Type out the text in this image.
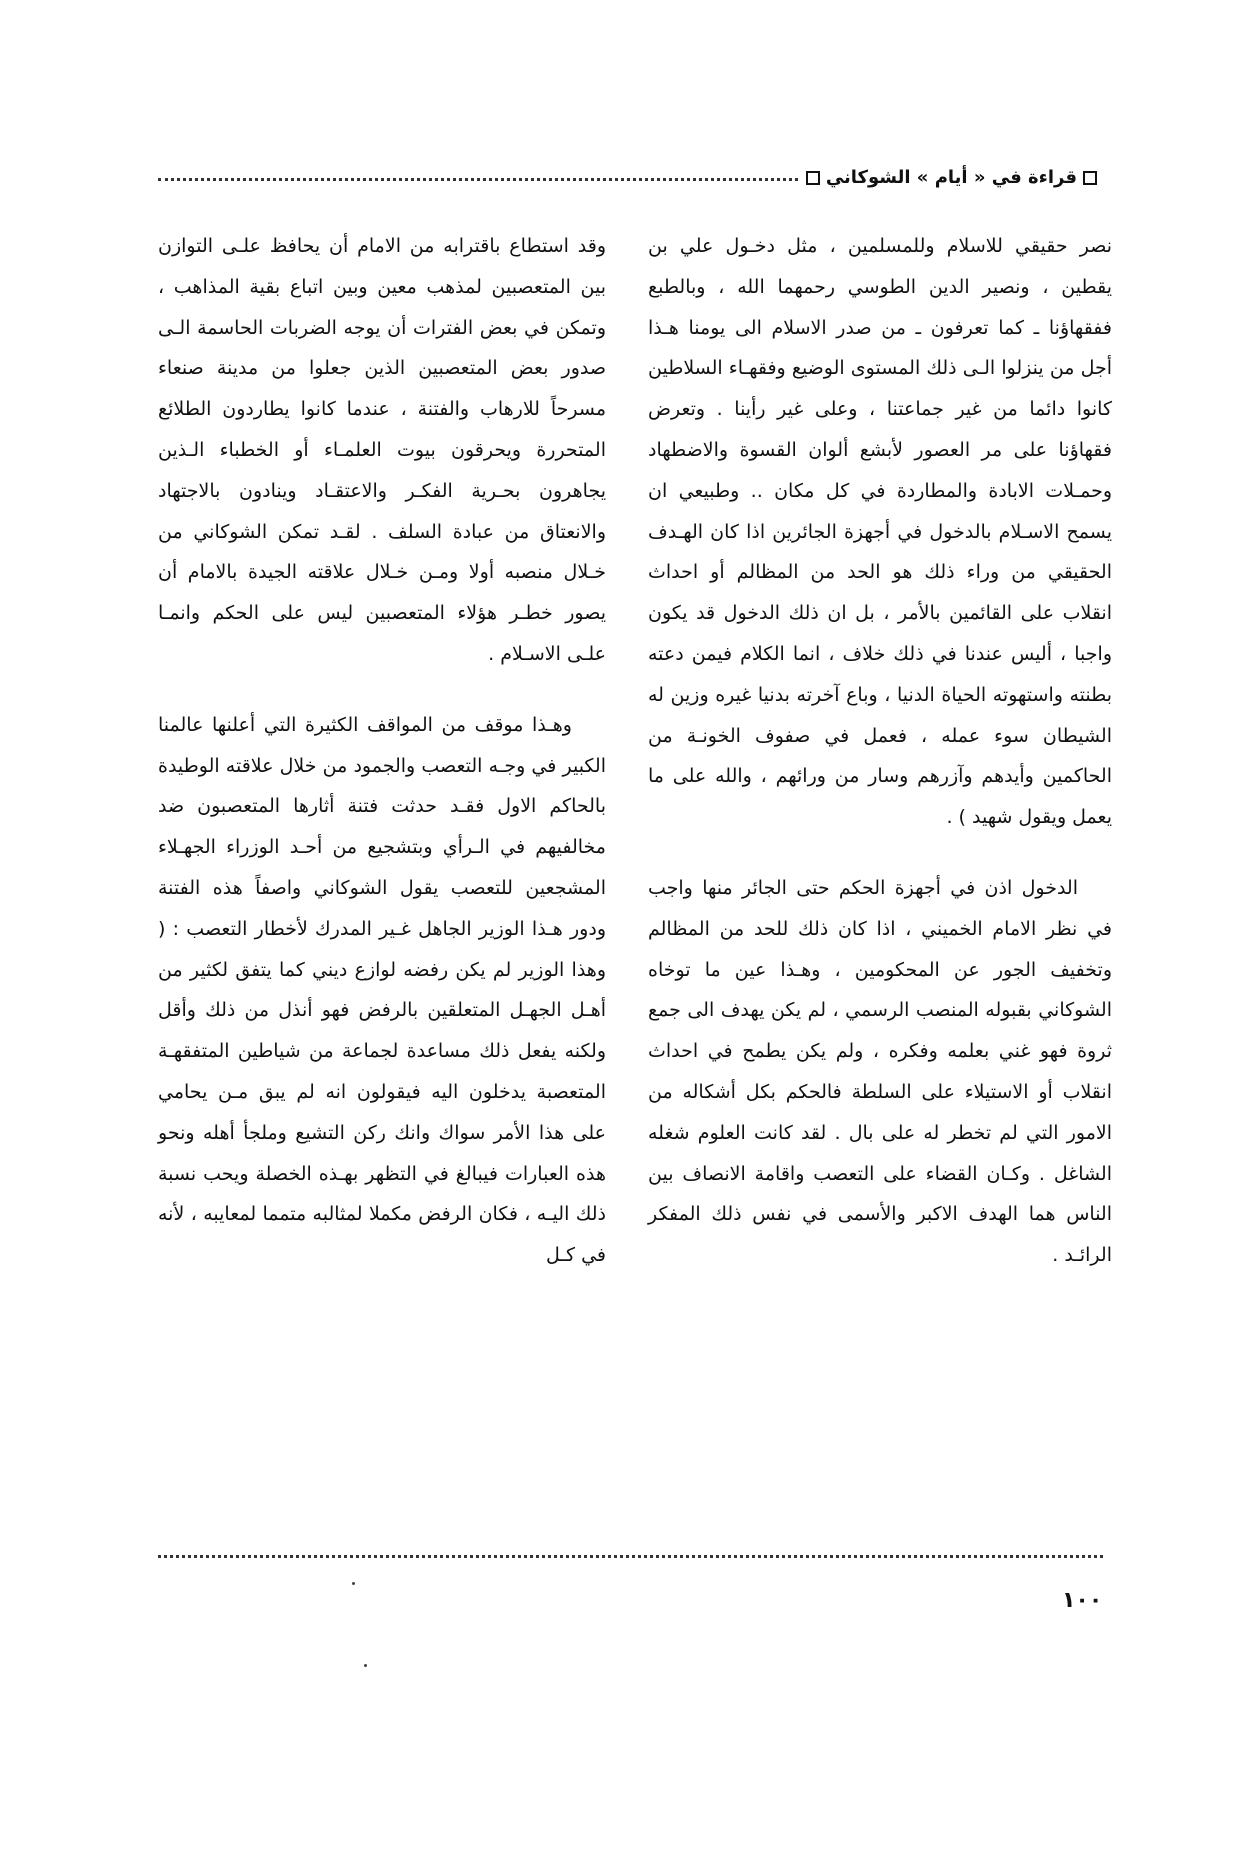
قراءة في « أيام » الشوكاني

نصر حقيقي للاسلام وللمسلمين ، مثل دخـول علي بن يقطين ، ونصير الدين الطوسي رحمهما الله ، وبالطبع ففقهاؤنا ـ كما تعرفون ـ من صدر الاسلام الى يومنا هـذا أجل من ينزلوا الـى ذلك المستوى الوضيع وفقهـاء السلاطين كانوا دائما من غير جماعتنا ، وعلى غير رأينا . وتعرض فقهاؤنا على مر العصور لأبشع ألوان القسوة والاضطهاد وحمـلات الابادة والمطاردة في كل مكان .. وطبيعي ان يسمح الاسـلام بالدخول في أجهزة الجائرين اذا كان الهـدف الحقيقي من وراء ذلك هو الحد من المظالم أو احداث انقلاب على القائمين بالأمر ، بل ان ذلك الدخول قد يكون واجبا ، أليس عندنا في ذلك خلاف ، انما الكلام فيمن دعته بطنته واستهوته الحياة الدنيا ، وباع آخرته بدنيا غيره وزين له الشيطان سوء عمله ، فعمل في صفوف الخونـة من الحاكمين وأيدهم وآزرهم وسار من ورائهم ، والله على ما يعمل ويقول شهيد ) .

الدخول اذن في أجهزة الحكم حتى الجائر منها واجب في نظر الامام الخميني ، اذا كان ذلك للحد من المظالم وتخفيف الجور عن المحكومين ، وهـذا عين ما توخاه الشوكاني بقبوله المنصب الرسمي ، لم يكن يهدف الى جمع ثروة فهو غني بعلمه وفكره ، ولم يكن يطمح في احداث انقلاب أو الاستيلاء على السلطة فالحكم بكل أشكاله من الامور التي لم تخطر له على بال . لقد كانت العلوم شغله الشاغل . وكـان القضاء على التعصب واقامة الانصاف بين الناس هما الهدف الاكبر والأسمى في نفس ذلك المفكر الرائـد .

وقد استطاع باقترابه من الامام أن يحافظ علـى التوازن بين المتعصبين لمذهب معين وبين اتباع بقية المذاهب ، وتمكن في بعض الفترات أن يوجه الضربات الحاسمة الـى صدور بعض المتعصبين الذين جعلوا من مدينة صنعاء مسرحاً للارهاب والفتنة ، عندما كانوا يطاردون الطلائع المتحررة ويحرقون بيوت العلمـاء أو الخطباء الـذين يجاهرون بحـرية الفكـر والاعتقـاد وينادون بالاجتهاد والانعتاق من عبادة السلف . لقـد تمكن الشوكاني من خـلال منصبه أولا ومـن خـلال علاقته الجيدة بالامام أن يصور خطـر هؤلاء المتعصبين ليس على الحكم وانمـا علـى الاسـلام .

وهـذا موقف من المواقف الكثيرة التي أعلنها عالمنا الكبير في وجـه التعصب والجمود من خلال علاقته الوطيدة بالحاكم الاول فقـد حدثت فتنة أثارها المتعصبون ضد مخالفيهم في الـرأي وبتشجيع من أحـد الوزراء الجهـلاء المشجعين للتعصب يقول الشوكاني واصفاً هذه الفتنة ودور هـذا الوزير الجاهل غـير المدرك لأخطار التعصب : ( وهذا الوزير لم يكن رفضه لوازع ديني كما يتفق لكثير من أهـل الجهـل المتعلقين بالرفض فهو أنذل من ذلك وأقل ولكنه يفعل ذلك مساعدة لجماعة من شياطين المتفقهـة المتعصبة يدخلون اليه فيقولون انه لم يبق مـن يحامي على هذا الأمر سواك وانك ركن التشيع وملجأ أهله ونحو هذه العبارات فيبالغ في التظهر بهـذه الخصلة ويحب نسبة ذلك اليـه ، فكان الرفض مكملا لمثالبه متمما لمعايبه ، لأنه في كـل

١٠٠
